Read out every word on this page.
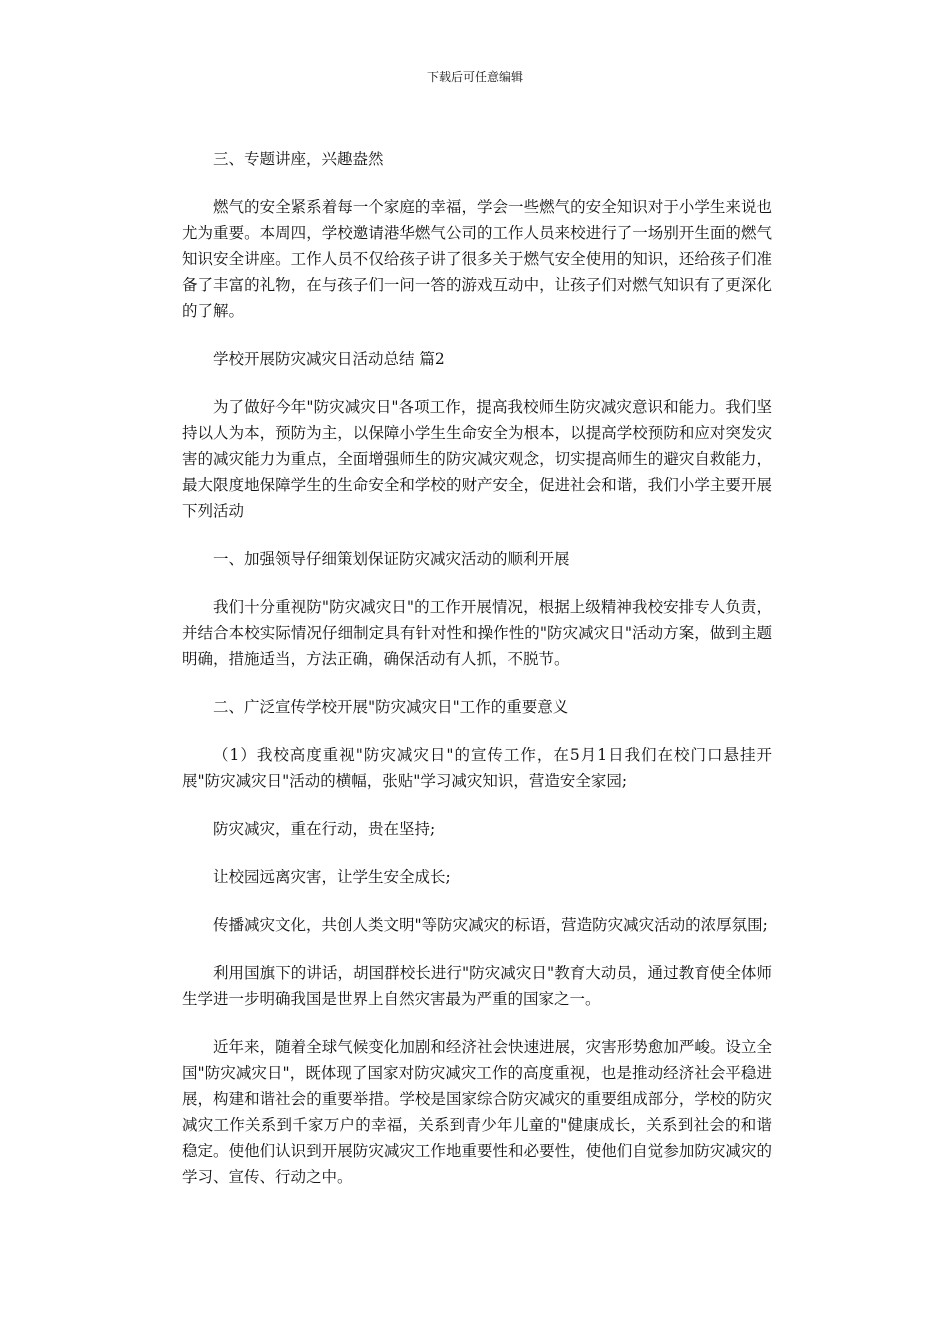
下载后可任意编辑

三、专题讲座，兴趣盎然

燃气的安全紧系着每一个家庭的幸福，学会一些燃气的安全知识对于小学生来说也尤为重要。本周四，学校邀请港华燃气公司的工作人员来校进行了一场别开生面的燃气知识安全讲座。工作人员不仅给孩子讲了很多关于燃气安全使用的知识，还给孩子们准备了丰富的礼物，在与孩子们一问一答的游戏互动中，让孩子们对燃气知识有了更深化的了解。

学校开展防灾减灾日活动总结 篇2

为了做好今年"防灾减灾日"各项工作，提高我校师生防灾减灾意识和能力。我们坚持以人为本，预防为主，以保障小学生生命安全为根本，以提高学校预防和应对突发灾害的减灾能力为重点，全面增强师生的防灾减灾观念，切实提高师生的避灾自救能力，最大限度地保障学生的生命安全和学校的财产安全，促进社会和谐，我们小学主要开展下列活动

一、加强领导仔细策划保证防灾减灾活动的顺利开展

我们十分重视防"防灾减灾日"的工作开展情况，根据上级精神我校安排专人负责，并结合本校实际情况仔细制定具有针对性和操作性的"防灾减灾日"活动方案，做到主题明确，措施适当，方法正确，确保活动有人抓，不脱节。

二、广泛宣传学校开展"防灾减灾日"工作的重要意义

（1）我校高度重视"防灾减灾日"的宣传工作，在5月1日我们在校门口悬挂开展"防灾减灾日"活动的横幅，张贴"学习减灾知识，营造安全家园;

防灾减灾，重在行动，贵在坚持;

让校园远离灾害，让学生安全成长;

传播减灾文化，共创人类文明"等防灾减灾的标语，营造防灾减灾活动的浓厚氛围;

利用国旗下的讲话，胡国群校长进行"防灾减灾日"教育大动员，通过教育使全体师生学进一步明确我国是世界上自然灾害最为严重的国家之一。

近年来，随着全球气候变化加剧和经济社会快速进展，灾害形势愈加严峻。设立全国"防灾减灾日"，既体现了国家对防灾减灾工作的高度重视，也是推动经济社会平稳进展，构建和谐社会的重要举措。学校是国家综合防灾减灾的重要组成部分，学校的防灾减灾工作关系到千家万户的幸福，关系到青少年儿童的"健康成长，关系到社会的和谐稳定。使他们认识到开展防灾减灾工作地重要性和必要性，使他们自觉参加防灾减灾的学习、宣传、行动之中。
